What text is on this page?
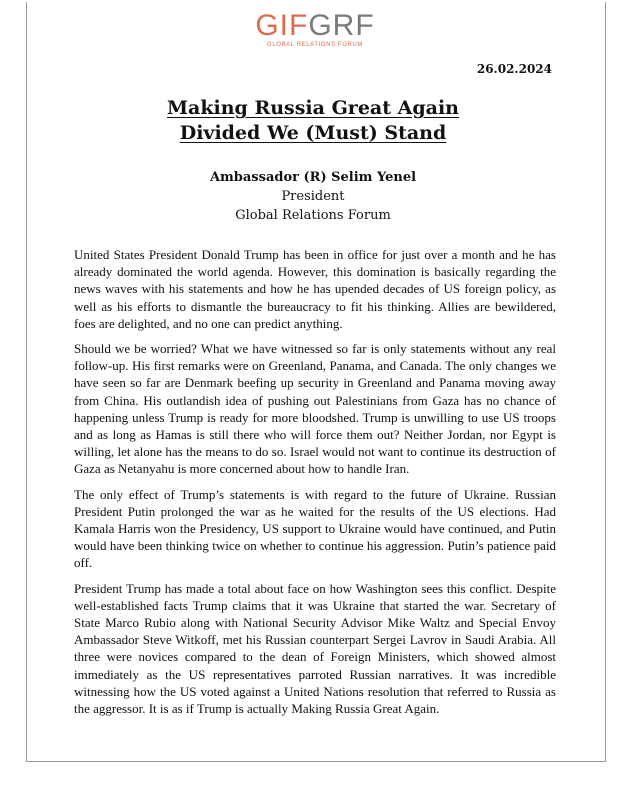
GIFGRF
GLOBAL RELATIONS FORUM
26.02.2024
Making Russia Great Again
Divided We (Must) Stand
Ambassador (R) Selim Yenel
President
Global Relations Forum

United States President Donald Trump has been in office for just over a month and he has already dominated the world agenda. However, this domination is basically regarding the news waves with his statements and how he has upended decades of US foreign policy, as well as his efforts to dismantle the bureaucracy to fit his thinking. Allies are bewildered, foes are delighted, and no one can predict anything.

Should we be worried? What we have witnessed so far is only statements without any real follow-up. His first remarks were on Greenland, Panama, and Canada. The only changes we have seen so far are Denmark beefing up security in Greenland and Panama moving away from China. His outlandish idea of pushing out Palestinians from Gaza has no chance of happening unless Trump is ready for more bloodshed. Trump is unwilling to use US troops and as long as Hamas is still there who will force them out? Neither Jordan, nor Egypt is willing, let alone has the means to do so. Israel would not want to continue its destruction of Gaza as Netanyahu is more concerned about how to handle Iran.

The only effect of Trump’s statements is with regard to the future of Ukraine. Russian President Putin prolonged the war as he waited for the results of the US elections. Had Kamala Harris won the Presidency, US support to Ukraine would have continued, and Putin would have been thinking twice on whether to continue his aggression. Putin’s patience paid off.

President Trump has made a total about face on how Washington sees this conflict. Despite well-established facts Trump claims that it was Ukraine that started the war. Secretary of State Marco Rubio along with National Security Advisor Mike Waltz and Special Envoy Ambassador Steve Witkoff, met his Russian counterpart Sergei Lavrov in Saudi Arabia. All three were novices compared to the dean of Foreign Ministers, which showed almost immediately as the US representatives parroted Russian narratives. It was incredible witnessing how the US voted against a United Nations resolution that referred to Russia as the aggressor. It is as if Trump is actually Making Russia Great Again.
